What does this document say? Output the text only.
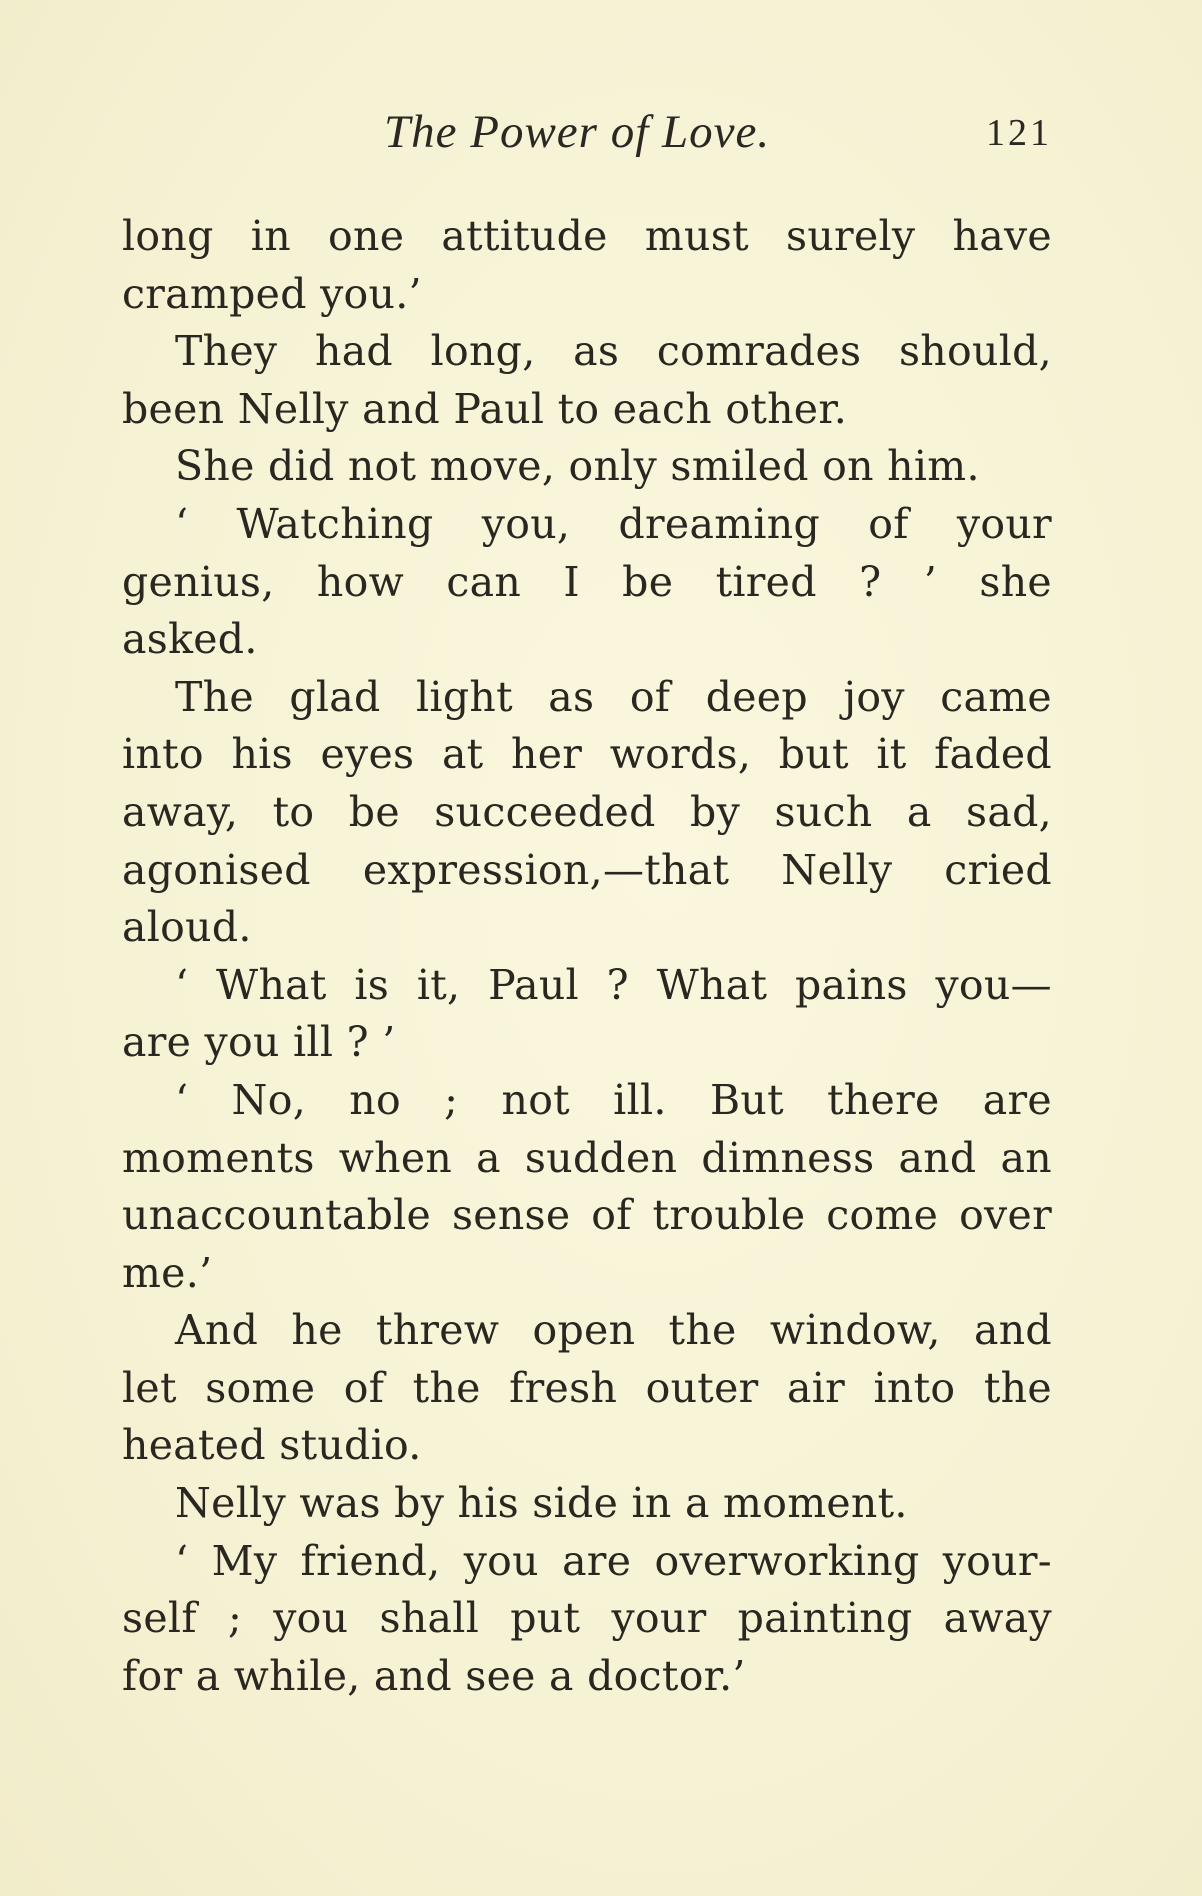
The Power of Love.	121
long in one attitude must surely have
cramped you.’
They had long, as comrades should,
been Nelly and Paul to each other.
She did not move, only smiled on him.
‘ Watching you, dreaming of your
genius, how can I be tired ? ’ she
asked.
The glad light as of deep joy came
into his eyes at her words, but it faded
away, to be succeeded by such a sad,
agonised expression,—that Nelly cried
aloud.
‘ What is it, Paul ? What pains you—
are you ill ? ’
‘ No, no ; not ill. But there are
moments when a sudden dimness and an
unaccountable sense of trouble come over
me.’
And he threw open the window, and
let some of the fresh outer air into the
heated studio.
Nelly was by his side in a moment.
‘ My friend, you are overworking your-
self ; you shall put your painting away
for a while, and see a doctor.’
